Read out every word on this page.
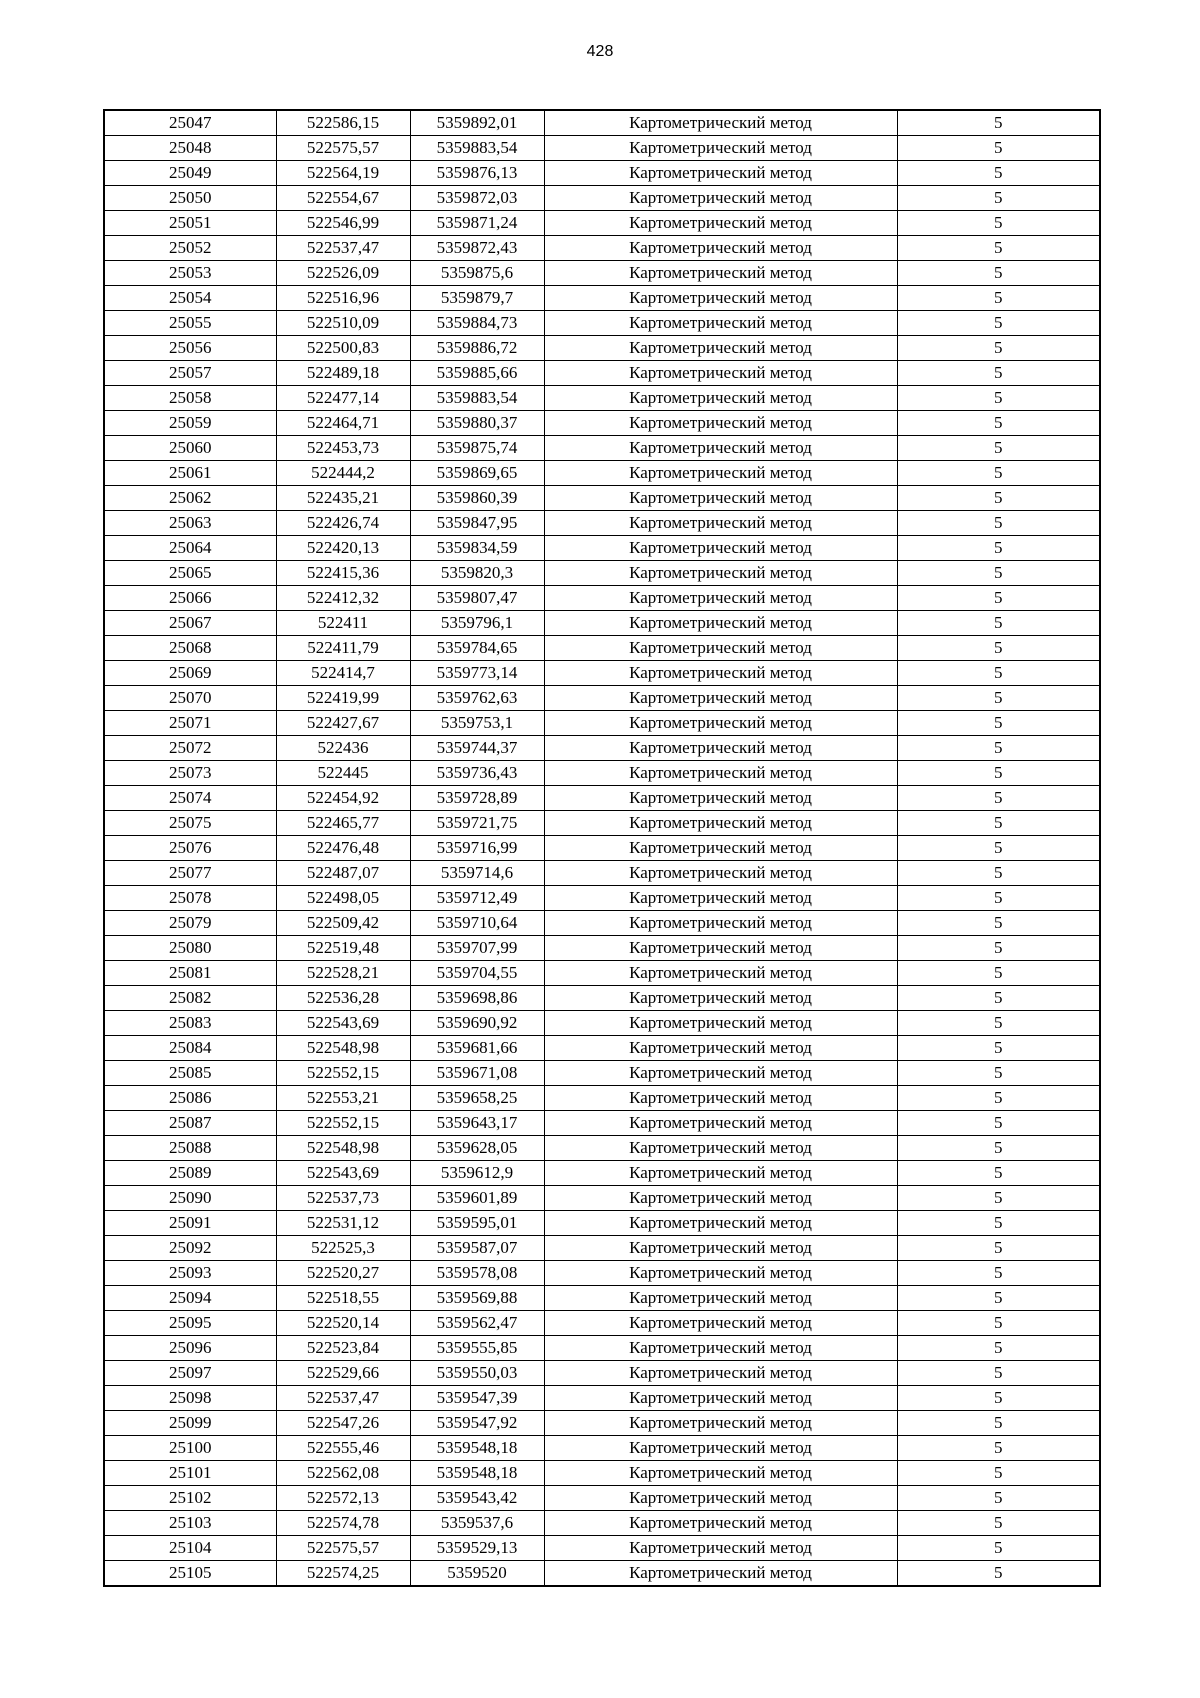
428
25047	522586,15	5359892,01	Картометрический метод	5
25048	522575,57	5359883,54	Картометрический метод	5
25049	522564,19	5359876,13	Картометрический метод	5
25050	522554,67	5359872,03	Картометрический метод	5
25051	522546,99	5359871,24	Картометрический метод	5
25052	522537,47	5359872,43	Картометрический метод	5
25053	522526,09	5359875,6	Картометрический метод	5
25054	522516,96	5359879,7	Картометрический метод	5
25055	522510,09	5359884,73	Картометрический метод	5
25056	522500,83	5359886,72	Картометрический метод	5
25057	522489,18	5359885,66	Картометрический метод	5
25058	522477,14	5359883,54	Картометрический метод	5
25059	522464,71	5359880,37	Картометрический метод	5
25060	522453,73	5359875,74	Картометрический метод	5
25061	522444,2	5359869,65	Картометрический метод	5
25062	522435,21	5359860,39	Картометрический метод	5
25063	522426,74	5359847,95	Картометрический метод	5
25064	522420,13	5359834,59	Картометрический метод	5
25065	522415,36	5359820,3	Картометрический метод	5
25066	522412,32	5359807,47	Картометрический метод	5
25067	522411	5359796,1	Картометрический метод	5
25068	522411,79	5359784,65	Картометрический метод	5
25069	522414,7	5359773,14	Картометрический метод	5
25070	522419,99	5359762,63	Картометрический метод	5
25071	522427,67	5359753,1	Картометрический метод	5
25072	522436	5359744,37	Картометрический метод	5
25073	522445	5359736,43	Картометрический метод	5
25074	522454,92	5359728,89	Картометрический метод	5
25075	522465,77	5359721,75	Картометрический метод	5
25076	522476,48	5359716,99	Картометрический метод	5
25077	522487,07	5359714,6	Картометрический метод	5
25078	522498,05	5359712,49	Картометрический метод	5
25079	522509,42	5359710,64	Картометрический метод	5
25080	522519,48	5359707,99	Картометрический метод	5
25081	522528,21	5359704,55	Картометрический метод	5
25082	522536,28	5359698,86	Картометрический метод	5
25083	522543,69	5359690,92	Картометрический метод	5
25084	522548,98	5359681,66	Картометрический метод	5
25085	522552,15	5359671,08	Картометрический метод	5
25086	522553,21	5359658,25	Картометрический метод	5
25087	522552,15	5359643,17	Картометрический метод	5
25088	522548,98	5359628,05	Картометрический метод	5
25089	522543,69	5359612,9	Картометрический метод	5
25090	522537,73	5359601,89	Картометрический метод	5
25091	522531,12	5359595,01	Картометрический метод	5
25092	522525,3	5359587,07	Картометрический метод	5
25093	522520,27	5359578,08	Картометрический метод	5
25094	522518,55	5359569,88	Картометрический метод	5
25095	522520,14	5359562,47	Картометрический метод	5
25096	522523,84	5359555,85	Картометрический метод	5
25097	522529,66	5359550,03	Картометрический метод	5
25098	522537,47	5359547,39	Картометрический метод	5
25099	522547,26	5359547,92	Картометрический метод	5
25100	522555,46	5359548,18	Картометрический метод	5
25101	522562,08	5359548,18	Картометрический метод	5
25102	522572,13	5359543,42	Картометрический метод	5
25103	522574,78	5359537,6	Картометрический метод	5
25104	522575,57	5359529,13	Картометрический метод	5
25105	522574,25	5359520	Картометрический метод	5
